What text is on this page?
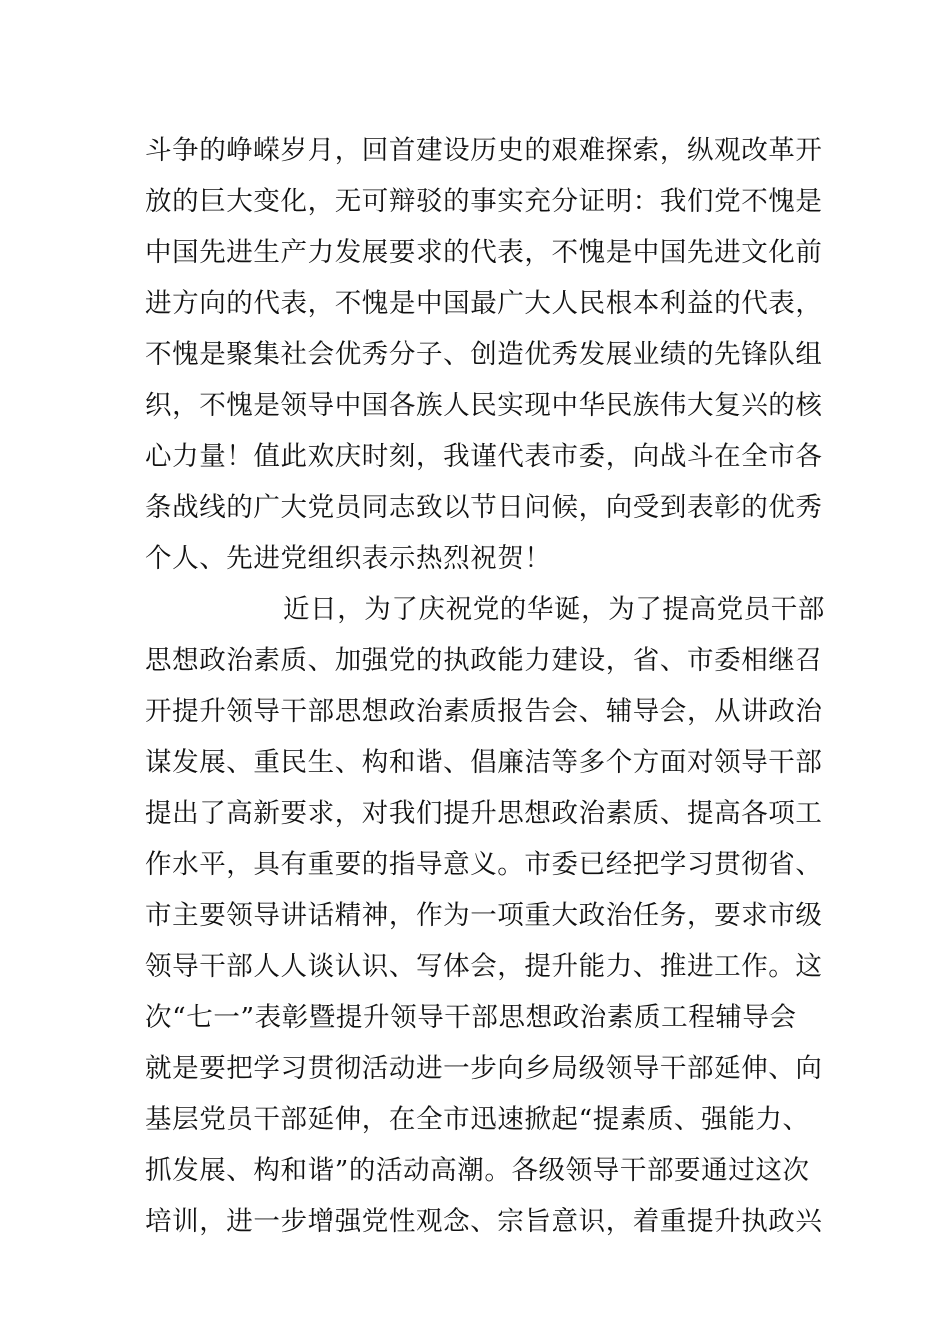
斗争的峥嵘岁月，回首建设历史的艰难探索，纵观改革开
放的巨大变化，无可辩驳的事实充分证明：我们党不愧是
中国先进生产力发展要求的代表，不愧是中国先进文化前
进方向的代表，不愧是中国最广大人民根本利益的代表，
不愧是聚集社会优秀分子、创造优秀发展业绩的先锋队组
织，不愧是领导中国各族人民实现中华民族伟大复兴的核
心力量！值此欢庆时刻，我谨代表市委，向战斗在全市各
条战线的广大党员同志致以节日问候，向受到表彰的优秀
个人、先进党组织表示热烈祝贺！
近日，为了庆祝党的华诞，为了提高党员干部
思想政治素质、加强党的执政能力建设，省、市委相继召
开提升领导干部思想政治素质报告会、辅导会，从讲政治
谋发展、重民生、构和谐、倡廉洁等多个方面对领导干部
提出了高新要求，对我们提升思想政治素质、提高各项工
作水平，具有重要的指导意义。市委已经把学习贯彻省、
市主要领导讲话精神，作为一项重大政治任务，要求市级
领导干部人人谈认识、写体会，提升能力、推进工作。这
次“七一”表彰暨提升领导干部思想政治素质工程辅导会
就是要把学习贯彻活动进一步向乡局级领导干部延伸、向
基层党员干部延伸，在全市迅速掀起“提素质、强能力、
抓发展、构和谐”的活动高潮。各级领导干部要通过这次
培训，进一步增强党性观念、宗旨意识，着重提升执政兴
